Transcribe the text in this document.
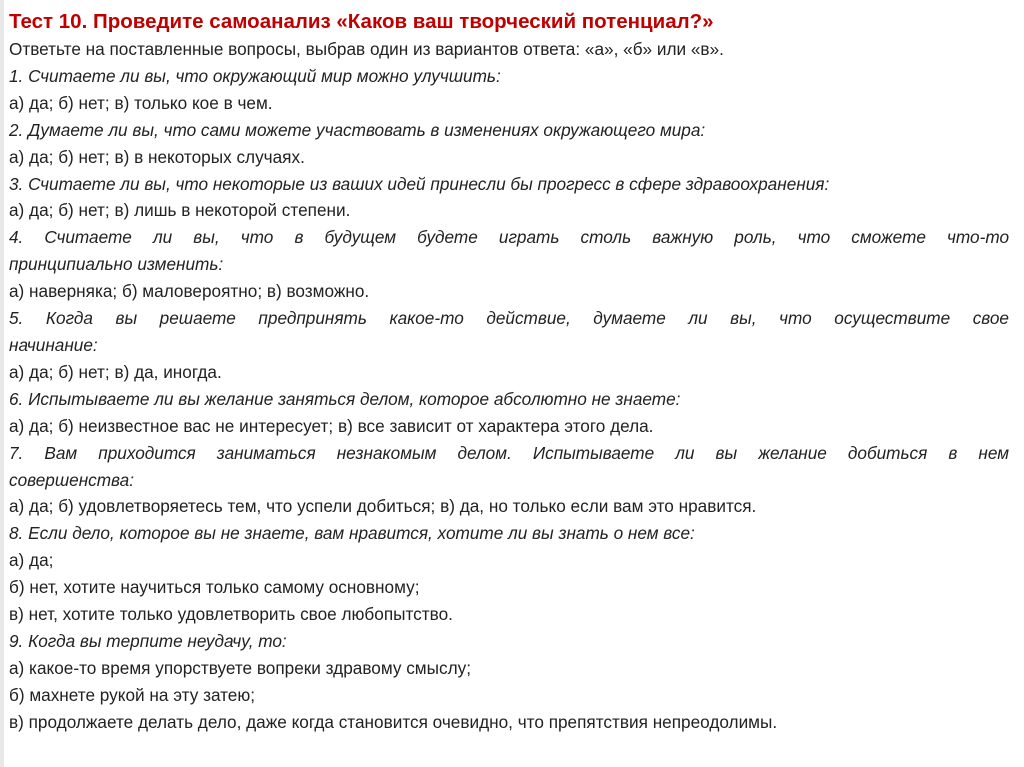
Тест 10. Проведите самоанализ «Каков ваш творческий потенциал?»
Ответьте на поставленные вопросы, выбрав один из вариантов ответа: «а», «б» или «в».
1. Считаете ли вы, что окружающий мир можно улучшить:
а) да; б) нет; в) только кое в чем.
2. Думаете ли вы, что сами можете участвовать в изменениях окружающего мира:
а) да; б) нет; в) в некоторых случаях.
3. Считаете ли вы, что некоторые из ваших идей принесли бы прогресс в сфере здравоохранения:
а) да; б) нет; в) лишь в некоторой степени.
4. Считаете ли вы, что в будущем будете играть столь важную роль, что сможете что-то
принципиально изменить:
а) наверняка; б) маловероятно; в) возможно.
5. Когда вы решаете предпринять какое-то действие, думаете ли вы, что осуществите свое
начинание:
а) да; б) нет; в) да, иногда.
6. Испытываете ли вы желание заняться делом, которое абсолютно не знаете:
а) да; б) неизвестное вас не интересует; в) все зависит от характера этого дела.
7. Вам приходится заниматься незнакомым делом. Испытываете ли вы желание добиться в нем
совершенства:
а) да; б) удовлетворяетесь тем, что успели добиться; в) да, но только если вам это нравится.
8. Если дело, которое вы не знаете, вам нравится, хотите ли вы знать о нем все:
а) да;
б) нет, хотите научиться только самому основному;
в) нет, хотите только удовлетворить свое любопытство.
9. Когда вы терпите неудачу, то:
а) какое-то время упорствуете вопреки здравому смыслу;
б) махнете рукой на эту затею;
в) продолжаете делать дело, даже когда становится очевидно, что препятствия непреодолимы.
